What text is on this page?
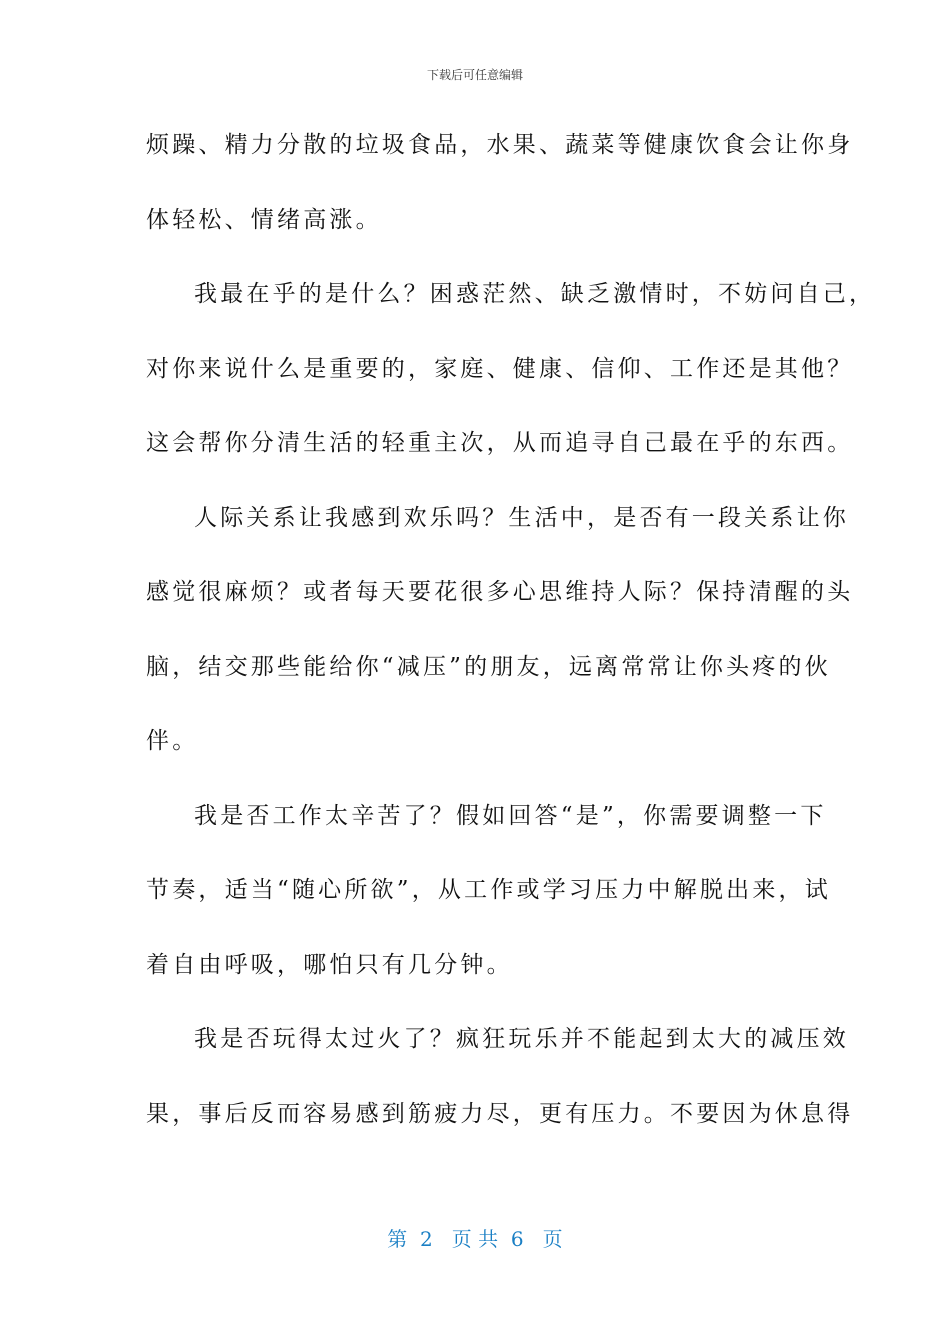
下载后可任意编辑
烦躁、精力分散的垃圾食品，水果、蔬菜等健康饮食会让你身
体轻松、情绪高涨。
我最在乎的是什么？困惑茫然、缺乏激情时，不妨问自己，
对你来说什么是重要的，家庭、健康、信仰、工作还是其他？
这会帮你分清生活的轻重主次，从而追寻自己最在乎的东西。
人际关系让我感到欢乐吗？生活中，是否有一段关系让你
感觉很麻烦？或者每天要花很多心思维持人际？保持清醒的头
脑，结交那些能给你“减压”的朋友，远离常常让你头疼的伙
伴。
我是否工作太辛苦了？假如回答“是”，你需要调整一下
节奏，适当“随心所欲”，从工作或学习压力中解脱出来，试
着自由呼吸，哪怕只有几分钟。
我是否玩得太过火了？疯狂玩乐并不能起到太大的减压效
果，事后反而容易感到筋疲力尽，更有压力。不要因为休息得
第  2   页 共  6   页
